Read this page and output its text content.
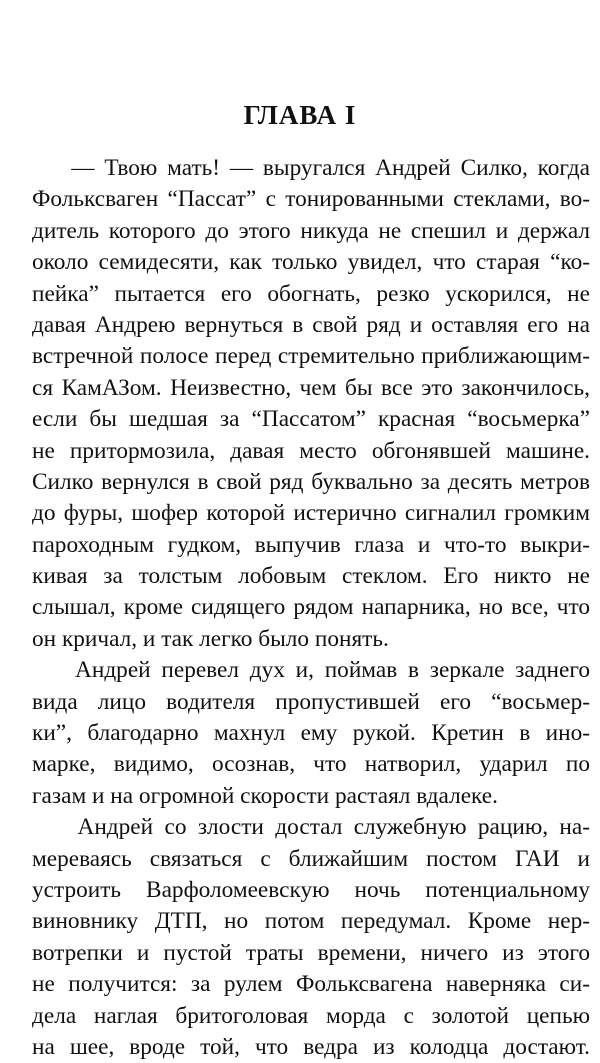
ГЛАВА I
— Твою мать! — выругался Андрей Силко, когда
Фольксваген “Пассат” с тонированными стеклами, во-
дитель которого до этого никуда не спешил и держал
около семидесяти, как только увидел, что старая “ко-
пейка” пытается его обогнать, резко ускорился, не
давая Андрею вернуться в свой ряд и оставляя его на
встречной полосе перед стремительно приближающим-
ся КамАЗом. Неизвестно, чем бы все это закончилось,
если бы шедшая за “Пассатом” красная “восьмерка”
не притормозила, давая место обгонявшей машине.
Силко вернулся в свой ряд буквально за десять метров
до фуры, шофер которой истерично сигналил громким
пароходным гудком, выпучив глаза и что-то выкри-
кивая за толстым лобовым стеклом. Его никто не
слышал, кроме сидящего рядом напарника, но все, что
он кричал, и так легко было понять.
Андрей перевел дух и, поймав в зеркале заднего
вида лицо водителя пропустившей его “восьмер-
ки”, благодарно махнул ему рукой. Кретин в ино-
марке, видимо, осознав, что натворил, ударил по
газам и на огромной скорости растаял вдалеке.
Андрей со злости достал служебную рацию, на-
мереваясь связаться с ближайшим постом ГАИ и
устроить Варфоломеевскую ночь потенциальному
виновнику ДТП, но потом передумал. Кроме нер-
вотрепки и пустой траты времени, ничего из этого
не получится: за рулем Фольксвагена наверняка си-
дела наглая бритоголовая морда с золотой цепью
на шее, вроде той, что ведра из колодца достают.
